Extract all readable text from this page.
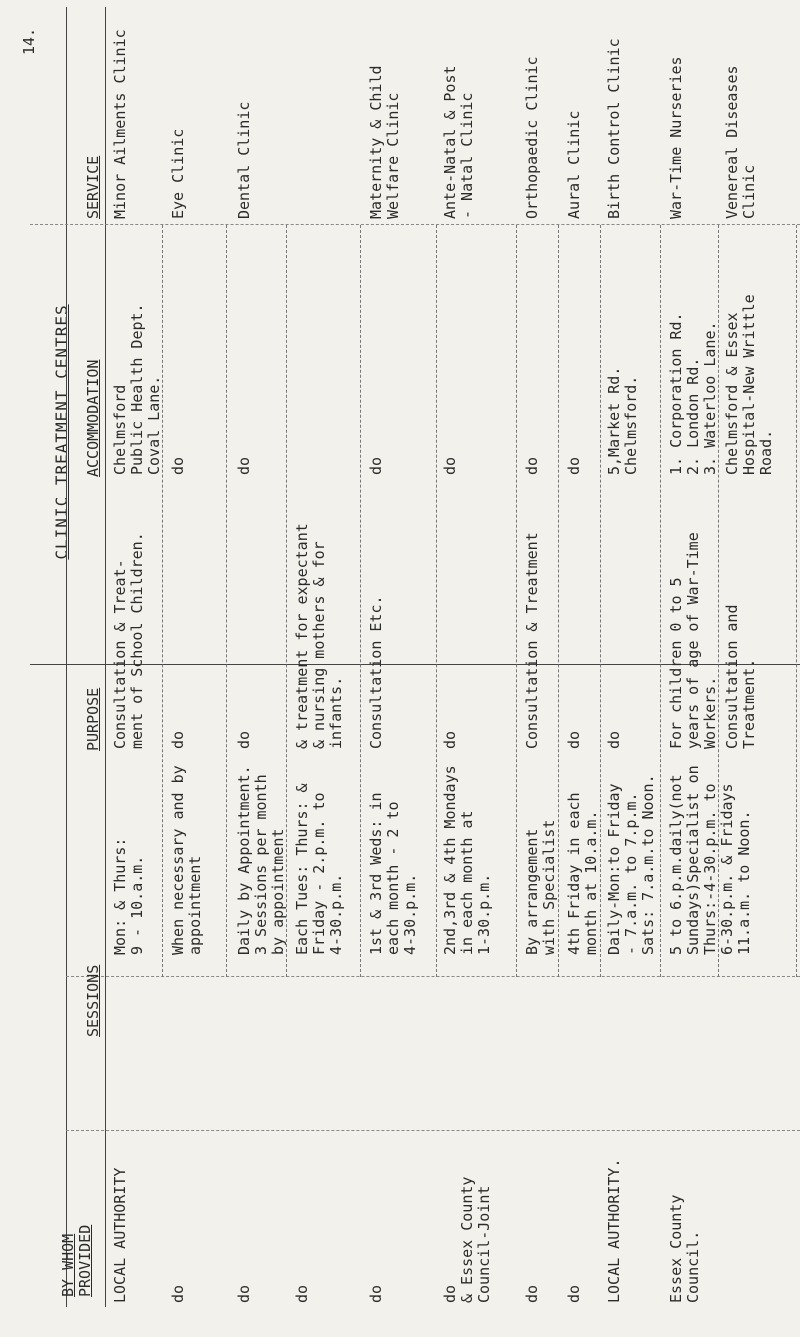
14.
CLINIC TREATMENT CENTRES
SERVICE
ACCOMMODATION
PURPOSE
SESSIONS
BY WHOM
PROVIDED
Minor Ailments Clinic
Chelmsford
Public Health Dept.
Coval Lane.
Consultation & Treat-
ment of School Children.
Mon: & Thurs:
9 - 10.a.m.
LOCAL AUTHORITY
Eye Clinic
do
do
When necessary and by
appointment
do
Dental Clinic
do
do
Daily by Appointment.
3 Sessions per month
by appointment
do
& treatment for expectant
& nursing mothers & for
infants.
Each Tues: Thurs: &
Friday - 2.p.m. to
4-30.p.m.
do
Maternity & Child
Welfare Clinic
do
Consultation Etc.
1st & 3rd Weds: in
each month - 2 to
4-30.p.m.
do
Ante-Natal & Post
- Natal Clinic
do
do
2nd,3rd & 4th Mondays
in each month at
1-30.p.m.
do
& Essex County
Council-Joint
Orthopaedic Clinic
do
Consultation & Treatment
By arrangement
with Specialist
do
Aural Clinic
do
do
4th Friday in each
month at 10.a.m.
do
Birth Control Clinic
5,Market Rd.
Chelmsford.
do
Daily-Mon:to Friday
- 7.a.m. to 7.p.m.
Sats: 7.a.m.to Noon.
LOCAL AUTHORITY.
War-Time Nurseries
1. Corporation Rd.
2. London Rd.
3. Waterloo Lane.
For children 0 to 5
years of age of War-Time
Workers.
5 to 6.p.m.daily(not
Sundays)Specialist on
Thurs:-4-30.p.m. to
6-30.p.m. & Fridays
11.a.m. to Noon.
Essex County
Council.
Venereal Diseases
Clinic
Chelmsford & Essex
Hospital-New Writtle
Road.
Consultation and
Treatment.
